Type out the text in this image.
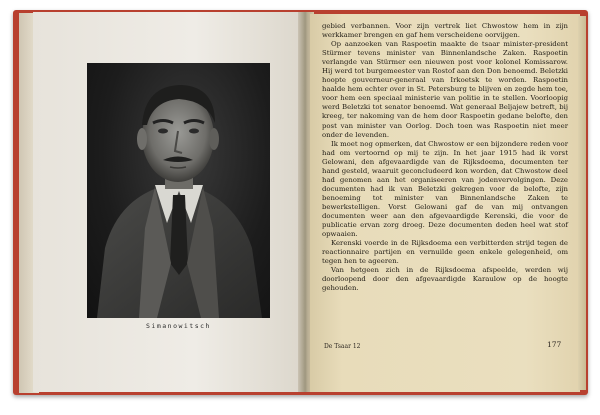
Simanowitsch

gebied verbannen. Voor zijn vertrek liet Chwostow hem in zijn werkkamer brengen en gaf hem verscheidene oorvijgen.

Op aanzoeken van Raspoetin maakte de tsaar minister-president Stürmer tevens minister van Binnenlandsche Zaken. Raspoetin verlangde van Stürmer een nieuwen post voor kolonel Komissarow. Hij werd tot burgemeester van Rostof aan den Don benoemd. Beletzki hoopte gouverneur-generaal van Irkoetsk te worden. Raspoetin haalde hem echter over in St. Petersburg te blijven en zegde hem toe, voor hem een speciaal ministerie van politie in te stellen. Voorloopig werd Beletzki tot senator benoemd. Wat generaal Beljajew betreft, bij kreeg, ter nakoming van de hem door Raspoetin gedane belofte, den post van minister van Oorlog. Doch toen was Raspoetin niet meer onder de levenden.

Ik moet nog opmerken, dat Chwostow er een bijzondere reden voor had om vertoornd op mij te zijn. In het jaar 1915 had ik vorst Gelowani, den afgevaardigde van de Rijksdoema, documenten ter hand gesteld, waaruit geconcludeerd kon worden, dat Chwostow deel had genomen aan het organiseeren van jodenvervolgingen. Deze documenten had ik van Beletzki gekregen voor de belofte, zijn benoeming tot minister van Binnenlandsche Zaken te bewerkstelligen. Vorst Gelowani gaf de van mij ontvangen documenten weer aan den afgevaardigde Kerenski, die voor de publicatie ervan zorg droeg. Deze documenten deden heel wat stof opwaaien.

Kerenski voerde in de Rijksdoema een verbitterden strijd tegen de reactionnaire partijen en vernuilde geen enkele gelegenheid, om tegen hen te ageeren.

Van hetgeen zich in de Rijksdoema afspeelde, werden wij doorloopend door den afgevaardigde Karaulow op de hoogte gehouden.

De Tsaar 12	177
